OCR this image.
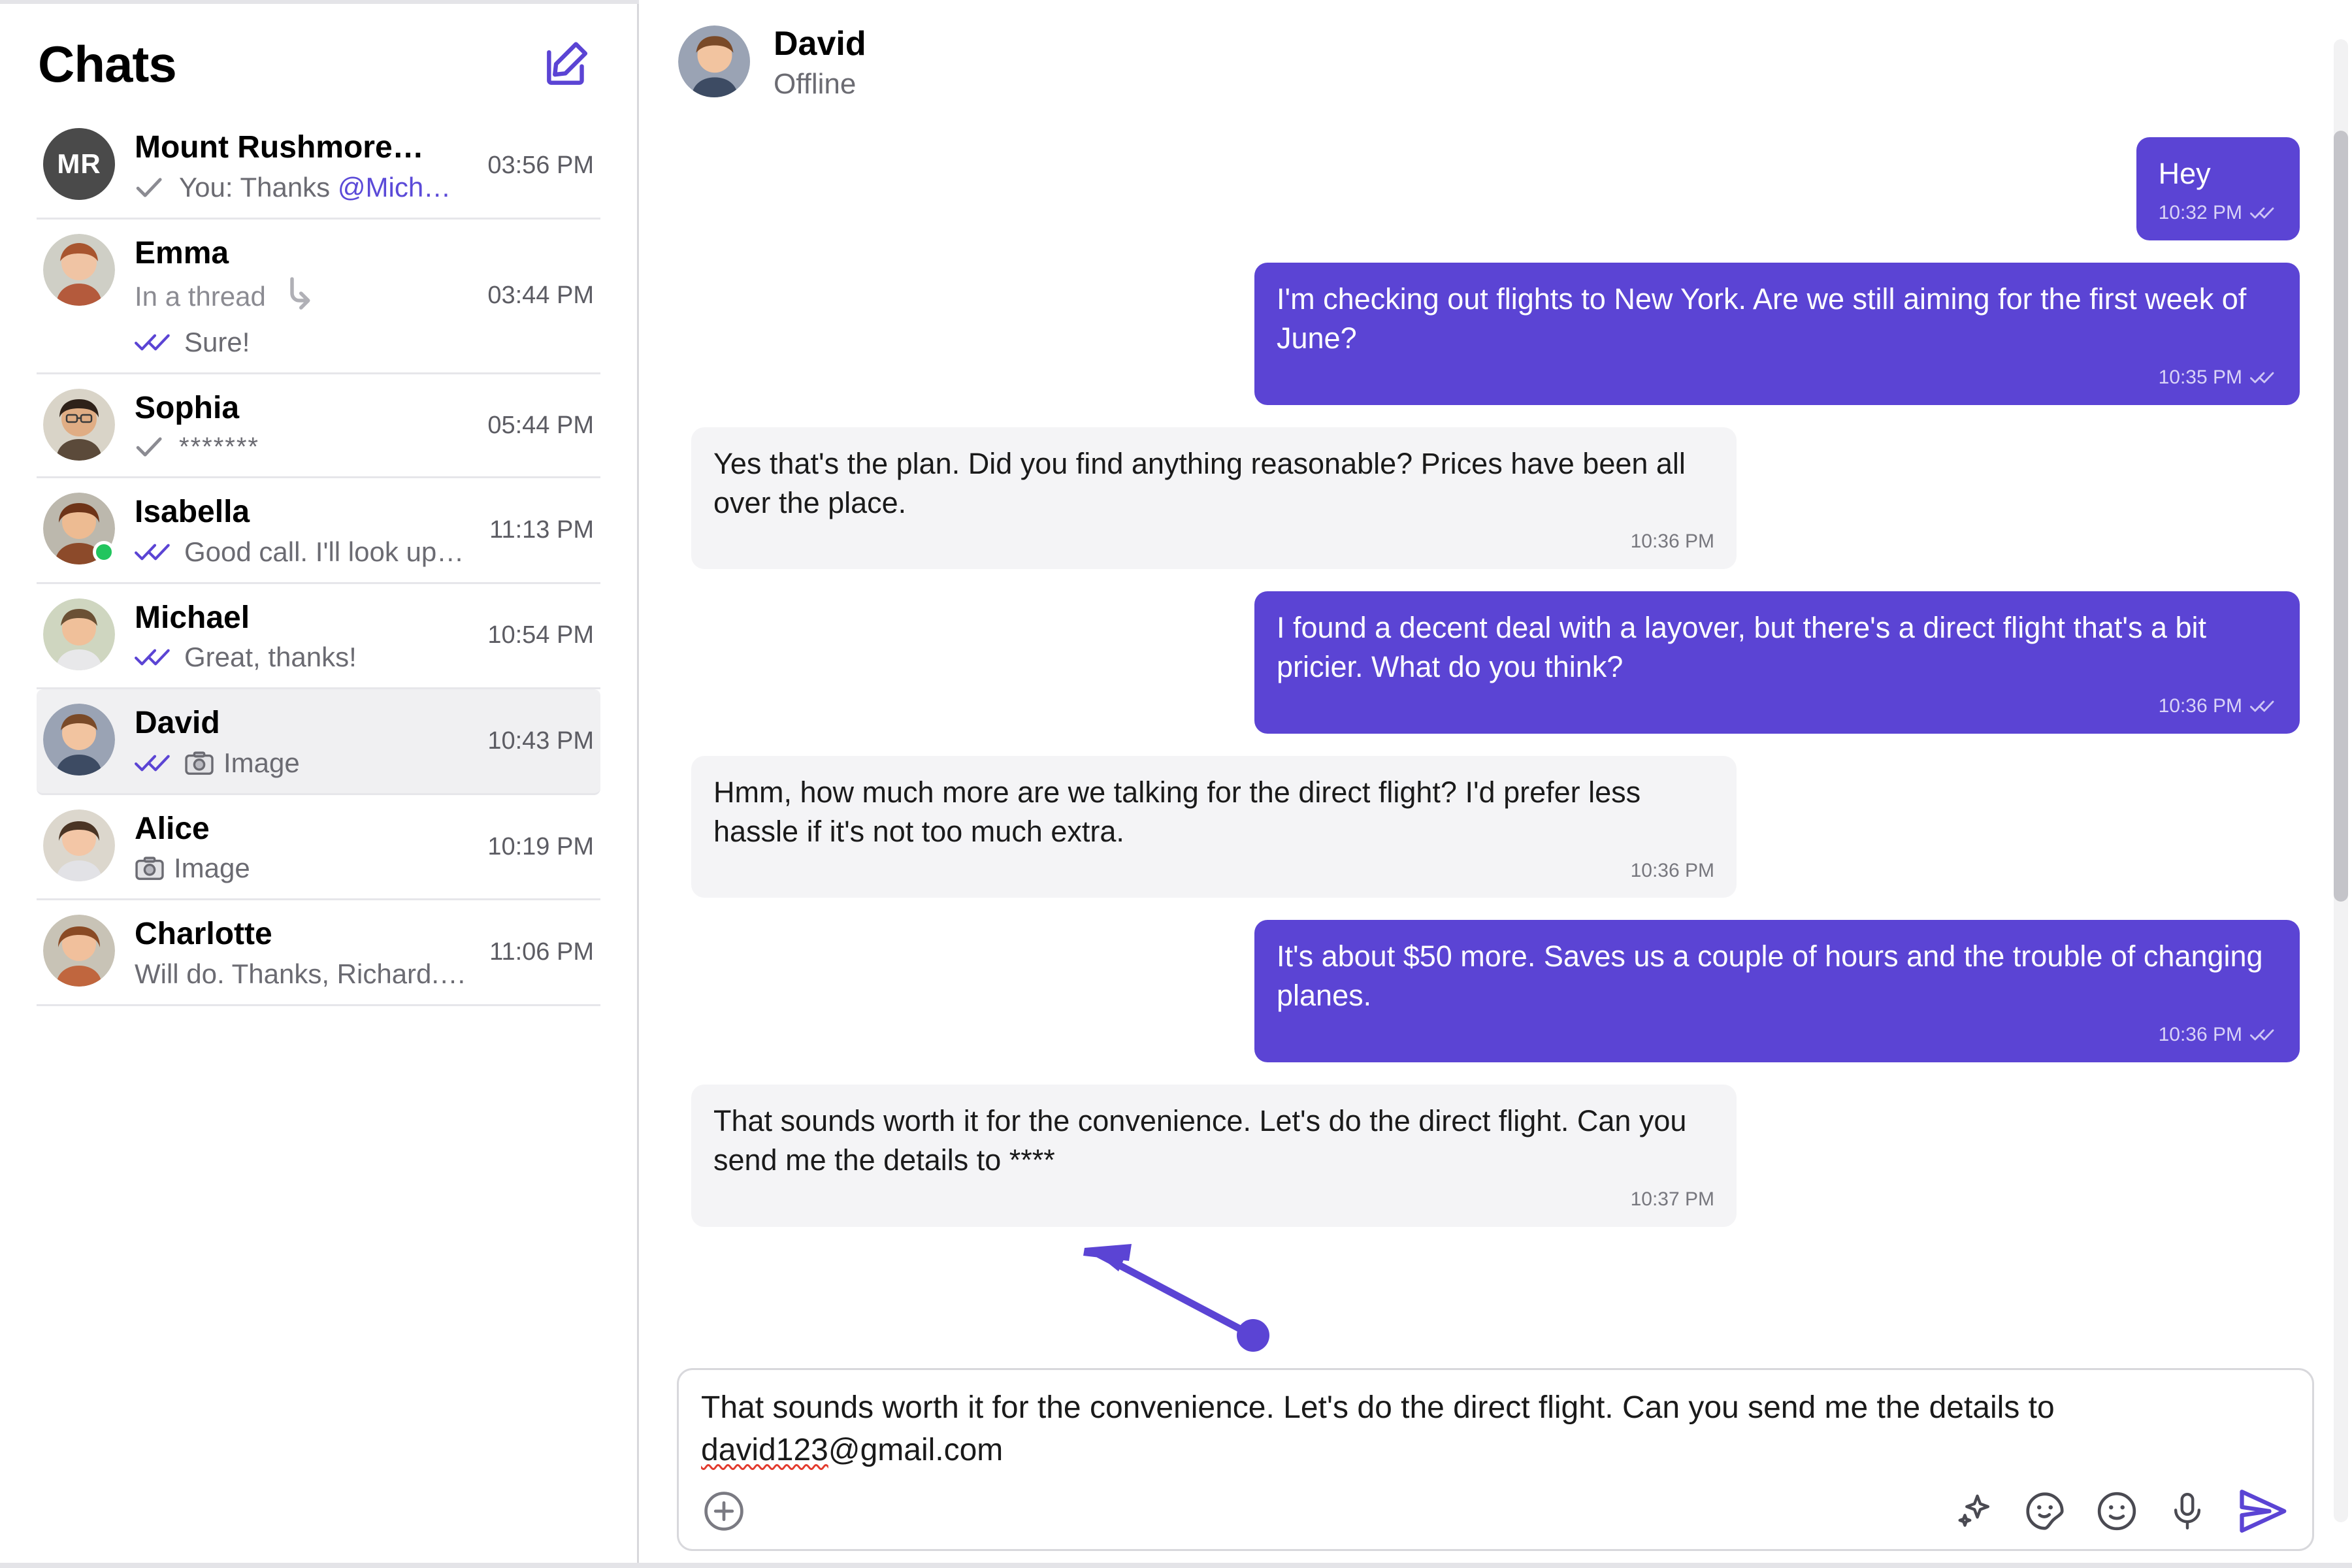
Chats
MR	Mount Rushmore…
You: Thanks @Mich…
03:56 PM
Emma
In a thread
Sure!
03:44 PM
Sophia
*******
05:44 PM
Isabella
Good call. I'll look up…
11:13 PM
Michael
Great, thanks!
10:54 PM
David
Image
10:43 PM
Alice
Image
10:19 PM
Charlotte
Will do. Thanks, Richard.…
11:06 PM
David
Offline
Hey
10:32 PM
I'm checking out flights to New York. Are we still aiming for the first week of June?
10:35 PM
Yes that's the plan. Did you find anything reasonable? Prices have been all over the place.
10:36 PM
I found a decent deal with a layover, but there's a direct flight that's a bit pricier. What do you think?
10:36 PM
Hmm, how much more are we talking for the direct flight? I'd prefer less hassle if it's not too much extra.
10:36 PM
It's about $50 more. Saves us a couple of hours and the trouble of changing planes.
10:36 PM
That sounds worth it for the convenience. Let's do the direct flight. Can you send me the details to ****
10:37 PM
That sounds worth it for the convenience. Let's do the direct flight. Can you send me the details to david123@gmail.com
